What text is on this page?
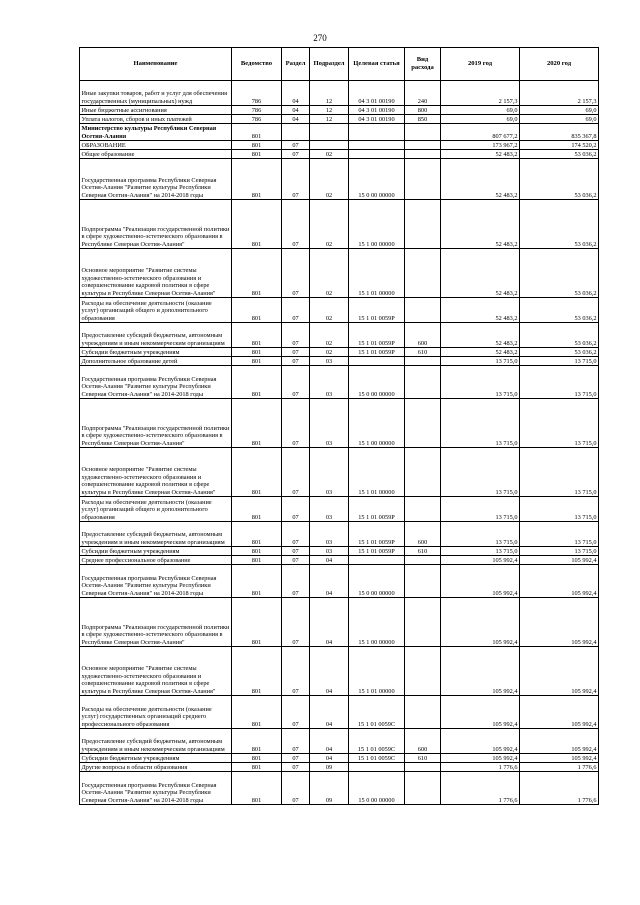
270
Наименование	Ведомство	Раздел	Подраздел	Целевая статья	Вид расхода	2019 год	2020 год
Иные закупки товаров, работ и услуг для обеспечения государственных (муниципальных) нужд	786	04	12	04 3 01 00190	240	2 157,3	2 157,3
Иные бюджетные ассигнования	786	04	12	04 3 01 00190	800	69,0	69,0
Уплата налогов, сборов и иных платежей	786	04	12	04 3 01 00190	850	69,0	69,0
Министерство культуры Республики Северная Осетия-Алания	801					807 677,2	835 367,8
ОБРАЗОВАНИЕ	801	07				173 967,2	174 520,2
Общее образование	801	07	02			52 483,2	53 036,2
Государственная программа Республики Северная Осетия-Алания "Развитие культуры Республики Северная Осетия-Алания" на 2014-2018 годы	801	07	02	15 0 00 00000		52 483,2	53 036,2
Подпрограмма "Реализация государственной политики в сфере художественно-эстетического образования в Республике Северная Осетия-Алания"	801	07	02	15 1 00 00000		52 483,2	53 036,2
Основное мероприятие "Развитие системы художественно-эстетического образования и совершенствование кадровой политики в сфере культуры в Республике Северная Осетия-Алания"	801	07	02	15 1 01 00000		52 483,2	53 036,2
Расходы на обеспечение деятельности (оказание услуг) организаций общего и дополнительного образования	801	07	02	15 1 01 0059P		52 483,2	53 036,2
Предоставление субсидий бюджетным, автономным учреждениям и иным некоммерческим организациям	801	07	02	15 1 01 0059P	600	52 483,2	53 036,2
Субсидии бюджетным учреждениям	801	07	02	15 1 01 0059P	610	52 483,2	53 036,2
Дополнительное образование детей	801	07	03			13 715,0	13 715,0
Государственная программа Республики Северная Осетия-Алания "Развитие культуры Республики Северная Осетия-Алания" на 2014-2018 годы	801	07	03	15 0 00 00000		13 715,0	13 715,0
Подпрограмма "Реализация государственной политики в сфере художественно-эстетического образования в Республике Северная Осетия-Алания"	801	07	03	15 1 00 00000		13 715,0	13 715,0
Основное мероприятие "Развитие системы художественно-эстетического образования и совершенствование кадровой политики в сфере культуры в Республике Северная Осетия-Алания"	801	07	03	15 1 01 00000		13 715,0	13 715,0
Расходы на обеспечение деятельности (оказание услуг) организаций общего и дополнительного образования	801	07	03	15 1 01 0059P		13 715,0	13 715,0
Предоставление субсидий бюджетным, автономным учреждениям и иным некоммерческим организациям	801	07	03	15 1 01 0059P	600	13 715,0	13 715,0
Субсидии бюджетным учреждениям	801	07	03	15 1 01 0059P	610	13 715,0	13 715,0
Среднее профессиональное образование	801	07	04			105 992,4	105 992,4
Государственная программа Республики Северная Осетия-Алания "Развитие культуры Республики Северная Осетия-Алания" на 2014-2018 годы	801	07	04	15 0 00 00000		105 992,4	105 992,4
Подпрограмма "Реализация государственной политики в сфере художественно-эстетического образования в Республике Северная Осетия-Алания"	801	07	04	15 1 00 00000		105 992,4	105 992,4
Основное мероприятие "Развитие системы художественно-эстетического образования и совершенствование кадровой политики в сфере культуры в Республике Северная Осетия-Алания"	801	07	04	15 1 01 00000		105 992,4	105 992,4
Расходы на обеспечение деятельности (оказание услуг) государственных организаций среднего профессионального образования	801	07	04	15 1 01 0059C		105 992,4	105 992,4
Предоставление субсидий бюджетным, автономным учреждениям и иным некоммерческим организациям	801	07	04	15 1 01 0059C	600	105 992,4	105 992,4
Субсидии бюджетным учреждениям	801	07	04	15 1 01 0059C	610	105 992,4	105 992,4
Другие вопросы в области образования	801	07	09			1 776,6	1 776,6
Государственная программа Республики Северная Осетия-Алания "Развитие культуры Республики Северная Осетия-Алания" на 2014-2018 годы	801	07	09	15 0 00 00000		1 776,6	1 776,6
